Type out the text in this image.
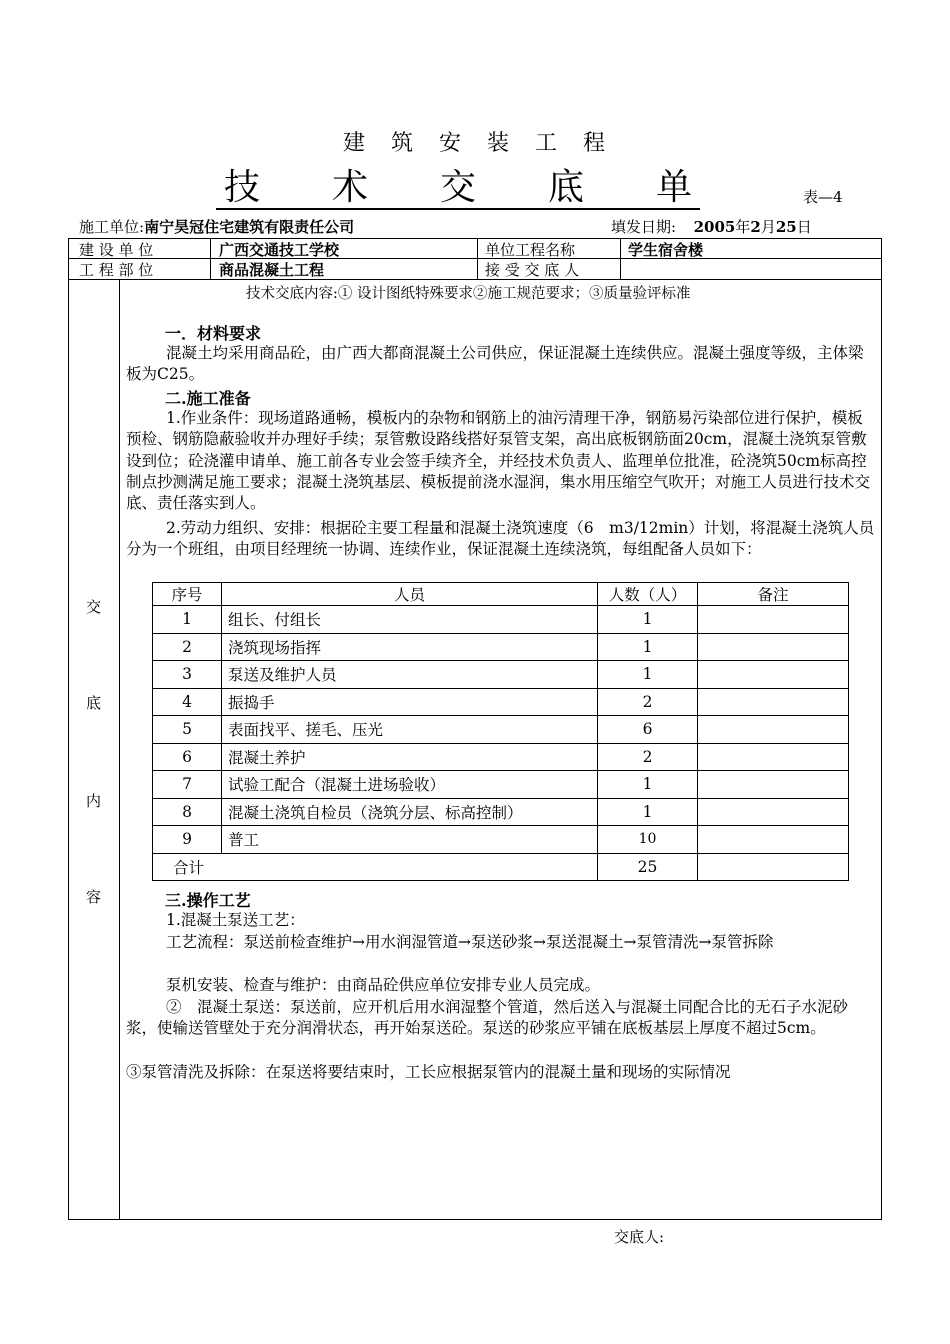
建　筑　安　装　工　程
技　　术　　交　　底　　单	表—4
施工单位:南宁昊冠住宅建筑有限责任公司	填发日期: 2005年2月25日
建 设 单 位	广西交通技工学校	单位工程名称	学生宿舍楼
工 程 部 位	商品混凝土工程	接 受 交 底 人
交
底
内
容
技术交底内容:① 设计图纸特殊要求②施工规范要求；③质量验评标准
一．材料要求
混凝土均采用商品砼，由广西大都商混凝土公司供应，保证混凝土连续供应。混凝土强度等级，主体梁板为C25。
二.施工准备
1.作业条件：现场道路通畅，模板内的杂物和钢筋上的油污清理干净，钢筋易污染部位进行保护，模板预检、钢筋隐蔽验收并办理好手续；泵管敷设路线搭好泵管支架，高出底板钢筋面20cm，混凝土浇筑泵管敷设到位；砼浇灌申请单、施工前各专业会签手续齐全，并经技术负责人、监理单位批准，砼浇筑50cm标高控制点抄测满足施工要求；混凝土浇筑基层、模板提前浇水湿润，集水用压缩空气吹开；对施工人员进行技术交底、责任落实到人。
2.劳动力组织、安排：根据砼主要工程量和混凝土浇筑速度（6　m3/12min）计划，将混凝土浇筑人员分为一个班组，由项目经理统一协调、连续作业，保证混凝土连续浇筑，每组配备人员如下：
序号	人员	人数（人）	备注
1	组长、付组长	1	
2	浇筑现场指挥	1	
3	泵送及维护人员	1	
4	振捣手	2	
5	表面找平、搓毛、压光	6	
6	混凝土养护	2	
7	试验工配合（混凝土进场验收）	1	
8	混凝土浇筑自检员（浇筑分层、标高控制）	1	
9	普工	10	
合计		25	
三.操作工艺
1.混凝土泵送工艺：
工艺流程：泵送前检查维护→用水润湿管道→泵送砂浆→泵送混凝土→泵管清洗→泵管拆除
泵机安装、检查与维护：由商品砼供应单位安排专业人员完成。
②　混凝土泵送：泵送前，应开机后用水润湿整个管道，然后送入与混凝土同配合比的无石子水泥砂浆，使输送管壁处于充分润滑状态，再开始泵送砼。泵送的砂浆应平铺在底板基层上厚度不超过5cm。
③泵管清洗及拆除：在泵送将要结束时，工长应根据泵管内的混凝土量和现场的实际情况
交底人:
